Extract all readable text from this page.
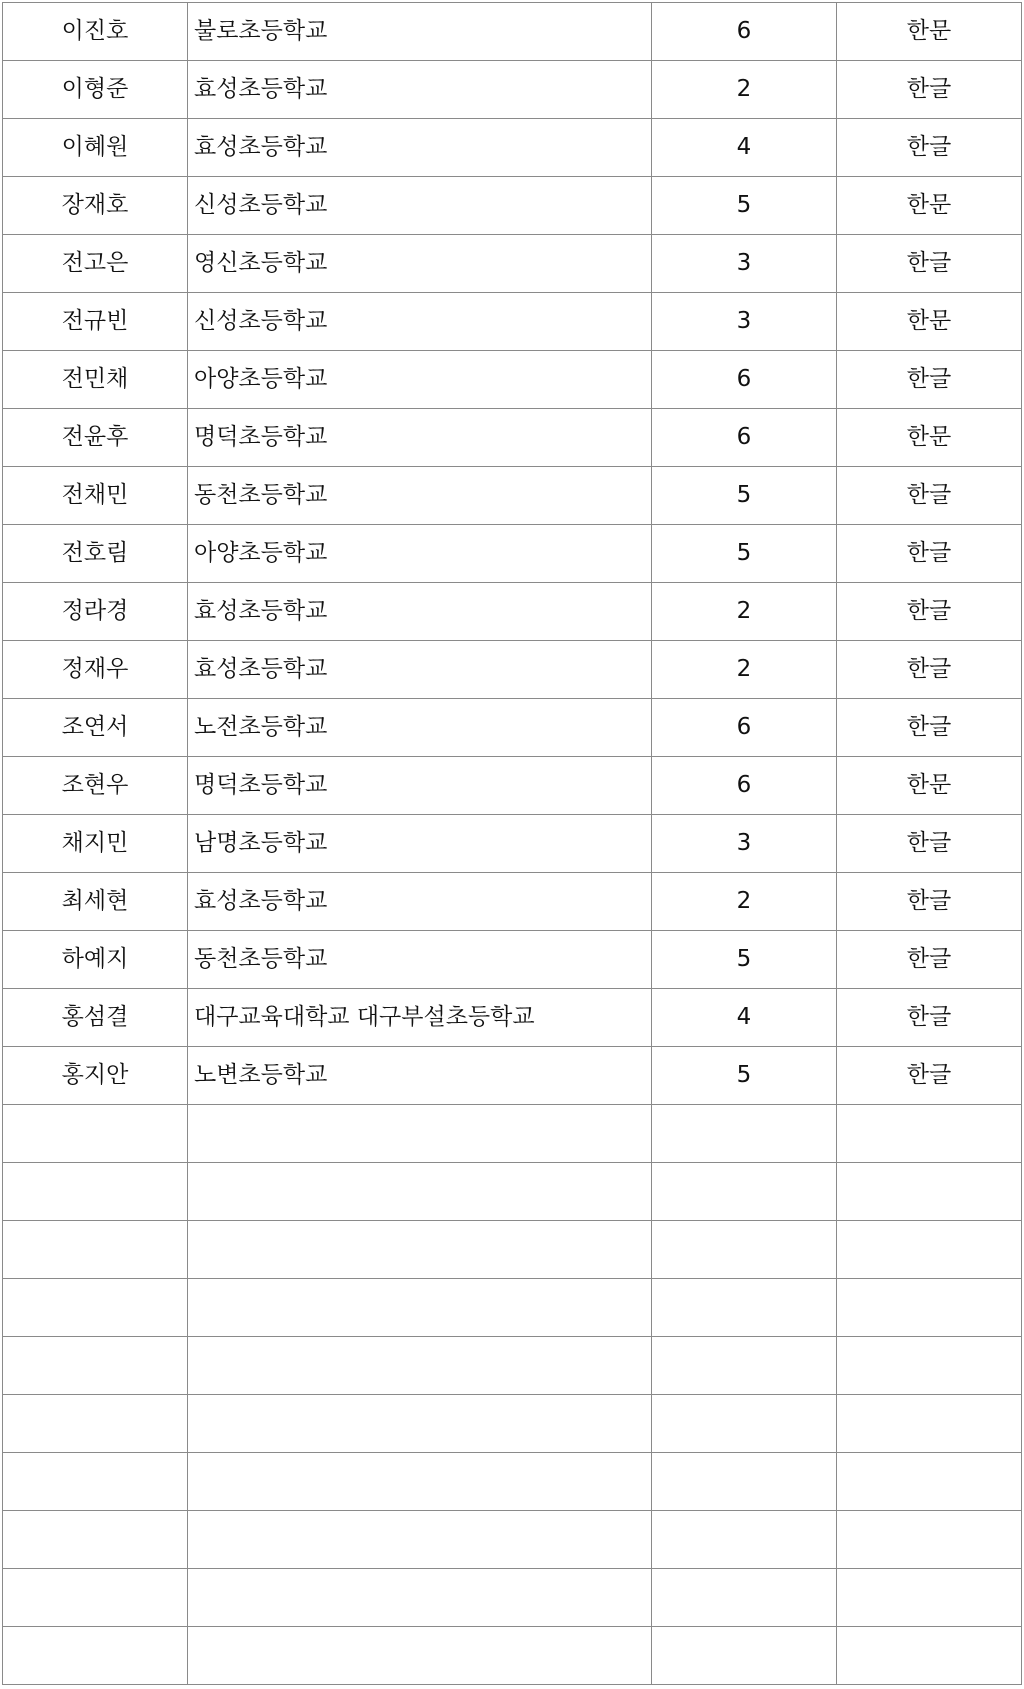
이진호	불로초등학교	6	한문
이형준	효성초등학교	2	한글
이혜원	효성초등학교	4	한글
장재호	신성초등학교	5	한문
전고은	영신초등학교	3	한글
전규빈	신성초등학교	3	한문
전민채	아양초등학교	6	한글
전윤후	명덕초등학교	6	한문
전채민	동천초등학교	5	한글
전호림	아양초등학교	5	한글
정라경	효성초등학교	2	한글
정재우	효성초등학교	2	한글
조연서	노전초등학교	6	한글
조현우	명덕초등학교	6	한문
채지민	남명초등학교	3	한글
최세현	효성초등학교	2	한글
하예지	동천초등학교	5	한글
홍섬결	대구교육대학교 대구부설초등학교	4	한글
홍지안	노변초등학교	5	한글
